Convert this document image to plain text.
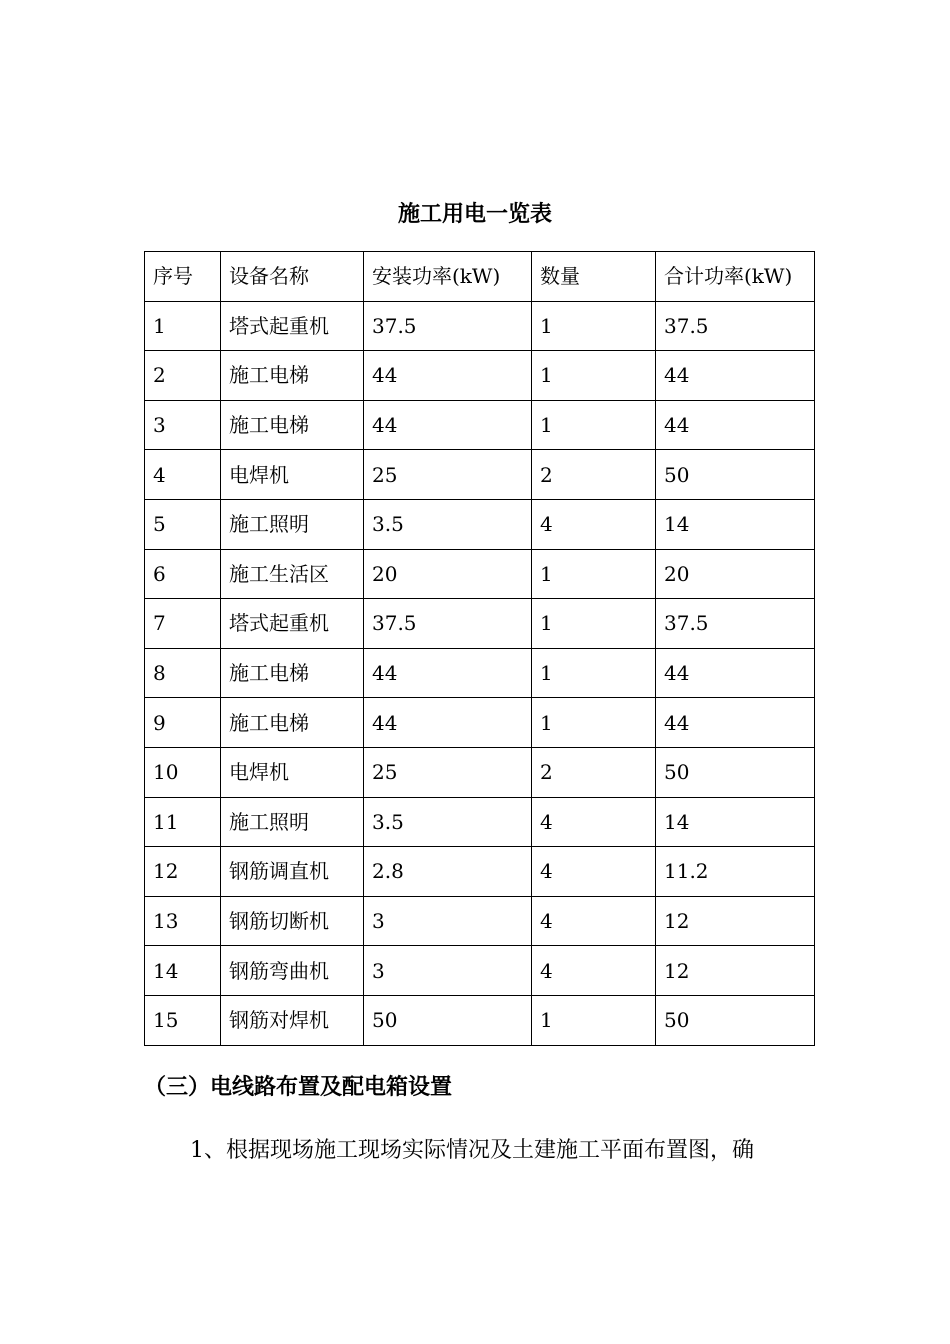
施工用电一览表
序号	设备名称	安装功率(kW)	数量	合计功率(kW)
1	塔式起重机	37.5	1	37.5
2	施工电梯	44	1	44
3	施工电梯	44	1	44
4	电焊机	25	2	50
5	施工照明	3.5	4	14
6	施工生活区	20	1	20
7	塔式起重机	37.5	1	37.5
8	施工电梯	44	1	44
9	施工电梯	44	1	44
10	电焊机	25	2	50
11	施工照明	3.5	4	14
12	钢筋调直机	2.8	4	11.2
13	钢筋切断机	3	4	12
14	钢筋弯曲机	3	4	12
15	钢筋对焊机	50	1	50
（三）电线路布置及配电箱设置
1、根据现场施工现场实际情况及土建施工平面布置图，确
